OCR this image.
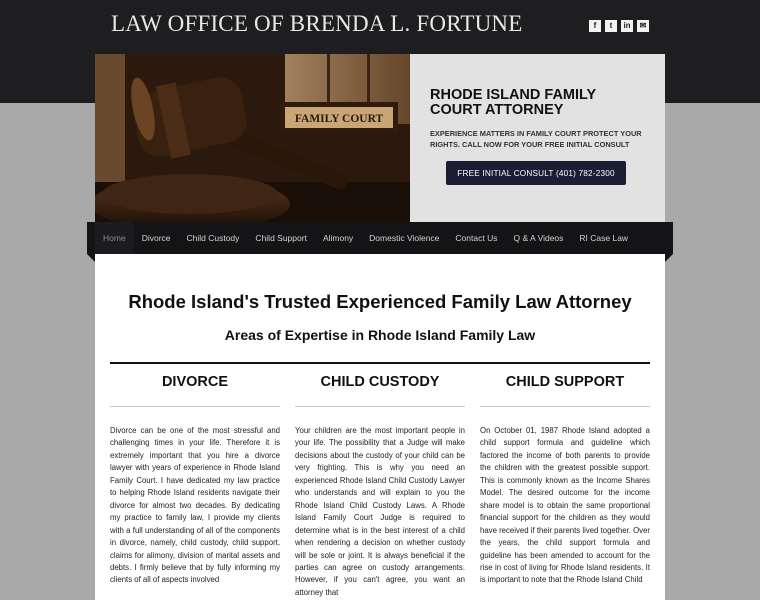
LAW OFFICE OF BRENDA L. FORTUNE	f	t	in	✉
FAMILY COURT
RHODE ISLAND FAMILY COURT ATTORNEY
EXPERIENCE MATTERS IN FAMILY COURT PROTECT YOUR RIGHTS. CALL NOW FOR YOUR FREE INITIAL CONSULT
FREE INITIAL CONSULT (401) 782-2300
Home	Divorce	Child Custody	Child Support	Alimony	Domestic Violence	Contact Us	Q & A Videos	RI Case Law
Rhode Island's Trusted Experienced Family Law Attorney
Areas of Expertise in Rhode Island Family Law
DIVORCE
Divorce can be one of the most stressful and challenging times in your life. Therefore it is extremely important that you hire a divorce lawyer with years of experience in Rhode Island Family Court. I have dedicated my law practice to helping Rhode Island residents navigate their divorce for almost two decades. By dedicating my practice to family law, I provide my clients with a full understanding of all of the components in divorce, namely, child custody, child support, claims for alimony, division of marital assets and debts. I firmly believe that by fully informing my clients of all of aspects involved
CHILD CUSTODY
Your children are the most important people in your life. The possibility that a Judge will make decisions about the custody of your child can be very frighting. This is why you need an experienced Rhode Island Child Custody Lawyer who understands and will explain to you the Rhode Island Child Custody Laws. A Rhode Island Family Court Judge is required to determine what is in the best interest of a child when rendering a decision on whether custody will be sole or joint. It is always beneficial if the parties can agree on custody arrangements. However, if you can't agree, you want an attorney that
CHILD SUPPORT
On October 01, 1987 Rhode Island adopted a child support formula and guideline which factored the income of both parents to provide the children with the greatest possible support. This is commonly known as the Income Shares Model. The desired outcome for the income share model is to obtain the same proportional financial support for the children as they would have received if their parents lived together. Over the years, the child support formula and guideline has been amended to account for the rise in cost of living for Rhode Island residents. It is important to note that the Rhode Island Child
